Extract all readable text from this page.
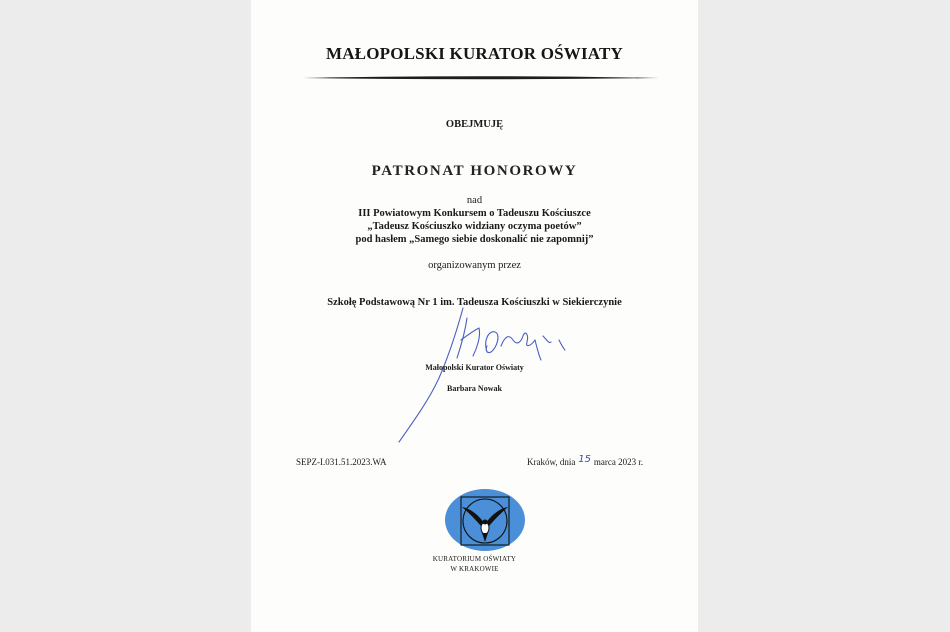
MAŁOPOLSKI KURATOR OŚWIATY
OBEJMUJĘ
PATRONAT HONOROWY
nad
III Powiatowym Konkursem o Tadeuszu Kościuszce
„Tadeusz Kościuszko widziany oczyma poetów”
pod hasłem „Samego siebie doskonalić nie zapomnij”
organizowanym przez
Szkołę Podstawową Nr 1 im. Tadeusza Kościuszki w Siekierczynie
Małopolski Kurator Oświaty
Barbara Nowak
SEPZ-I.031.51.2023.WA	Kraków, dnia 15 marca 2023 r.
KURATORIUM OŚWIATY
W KRAKOWIE
